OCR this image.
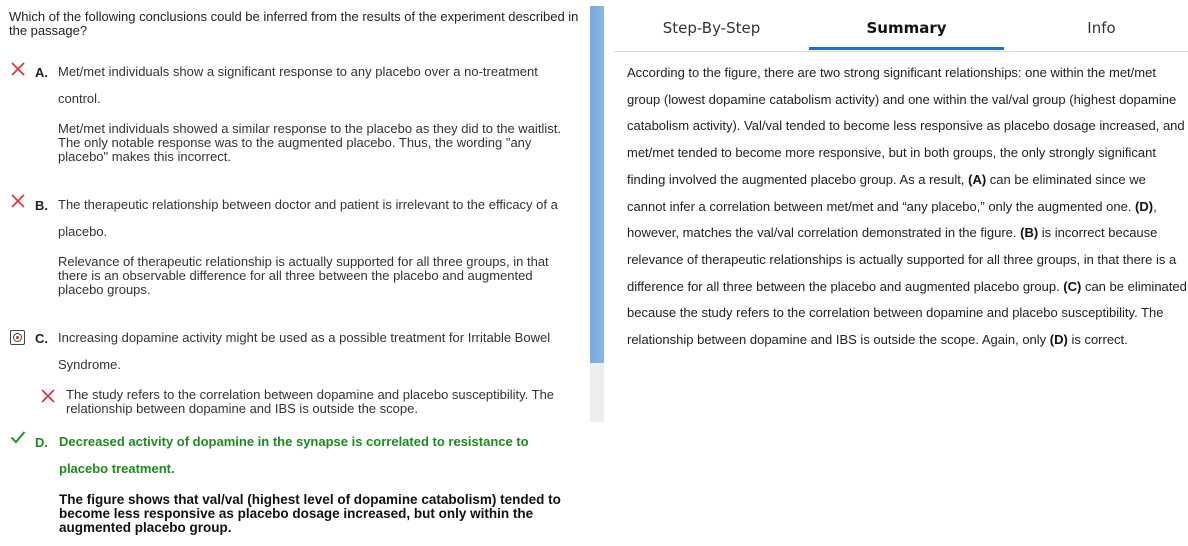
Which of the following conclusions could be inferred from the results of the experiment described in the passage?
A. Met/met individuals show a significant response to any placebo over a no-treatment control.
Met/met individuals showed a similar response to the placebo as they did to the waitlist. The only notable response was to the augmented placebo. Thus, the wording "any placebo" makes this incorrect.
B. The therapeutic relationship between doctor and patient is irrelevant to the efficacy of a placebo.
Relevance of therapeutic relationship is actually supported for all three groups, in that there is an observable difference for all three between the placebo and augmented placebo groups.
C. Increasing dopamine activity might be used as a possible treatment for Irritable Bowel Syndrome.
The study refers to the correlation between dopamine and placebo susceptibility. The relationship between dopamine and IBS is outside the scope.
D. Decreased activity of dopamine in the synapse is correlated to resistance to placebo treatment.
The figure shows that val/val (highest level of dopamine catabolism) tended to become less responsive as placebo dosage increased, but only within the augmented placebo group.
Step-By-Step	Summary	Info
According to the figure, there are two strong significant relationships: one within the met/met group (lowest dopamine catabolism activity) and one within the val/val group (highest dopamine catabolism activity). Val/val tended to become less responsive as placebo dosage increased, and met/met tended to become more responsive, but in both groups, the only strongly significant finding involved the augmented placebo group. As a result, (A) can be eliminated since we cannot infer a correlation between met/met and “any placebo,” only the augmented one. (D), however, matches the val/val correlation demonstrated in the figure. (B) is incorrect because relevance of therapeutic relationships is actually supported for all three groups, in that there is a difference for all three between the placebo and augmented placebo group. (C) can be eliminated because the study refers to the correlation between dopamine and placebo susceptibility. The relationship between dopamine and IBS is outside the scope. Again, only (D) is correct.
